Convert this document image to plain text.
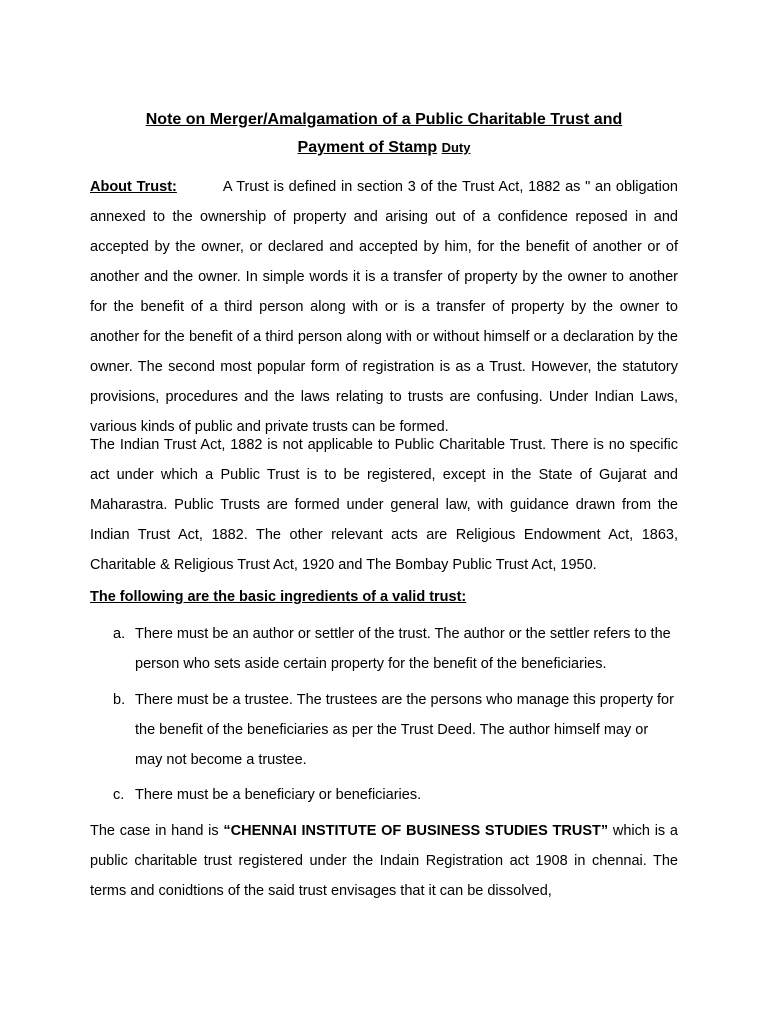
Note on Merger/Amalgamation of a Public Charitable Trust and
Payment of Stamp Duty
About Trust:	A Trust is defined in section 3 of the Trust Act, 1882 as " an obligation annexed to the ownership of property and arising out of a confidence reposed in and accepted by the owner, or declared and accepted by him, for the benefit of another or of another and the owner. In simple words it is a transfer of property by the owner to another for the benefit of a third person along with or is a transfer of property by the owner to another for the benefit of a third person along with or without himself or a declaration by the owner. The second most popular form of registration is as a Trust. However, the statutory provisions, procedures and the laws relating to trusts are confusing. Under Indian Laws, various kinds of public and private trusts can be formed.
The Indian Trust Act, 1882 is not applicable to Public Charitable Trust. There is no specific act under which a Public Trust is to be registered, except in the State of Gujarat and Maharastra. Public Trusts are formed under general law, with guidance drawn from the Indian Trust Act, 1882. The other relevant acts are Religious Endowment Act, 1863, Charitable & Religious Trust Act, 1920 and The Bombay Public Trust Act, 1950.
The following are the basic ingredients of a valid trust:
a. There must be an author or settler of the trust. The author or the settler refers to the person who sets aside certain property for the benefit of the beneficiaries.
b. There must be a trustee. The trustees are the persons who manage this property for the benefit of the beneficiaries as per the Trust Deed. The author himself may or may not become a trustee.
c. There must be a beneficiary or beneficiaries.
The case in hand is “CHENNAI INSTITUTE OF BUSINESS STUDIES TRUST” which is a public charitable trust registered under the Indain Registration act 1908 in chennai. The terms and conidtions of the said trust envisages that it can be dissolved,
